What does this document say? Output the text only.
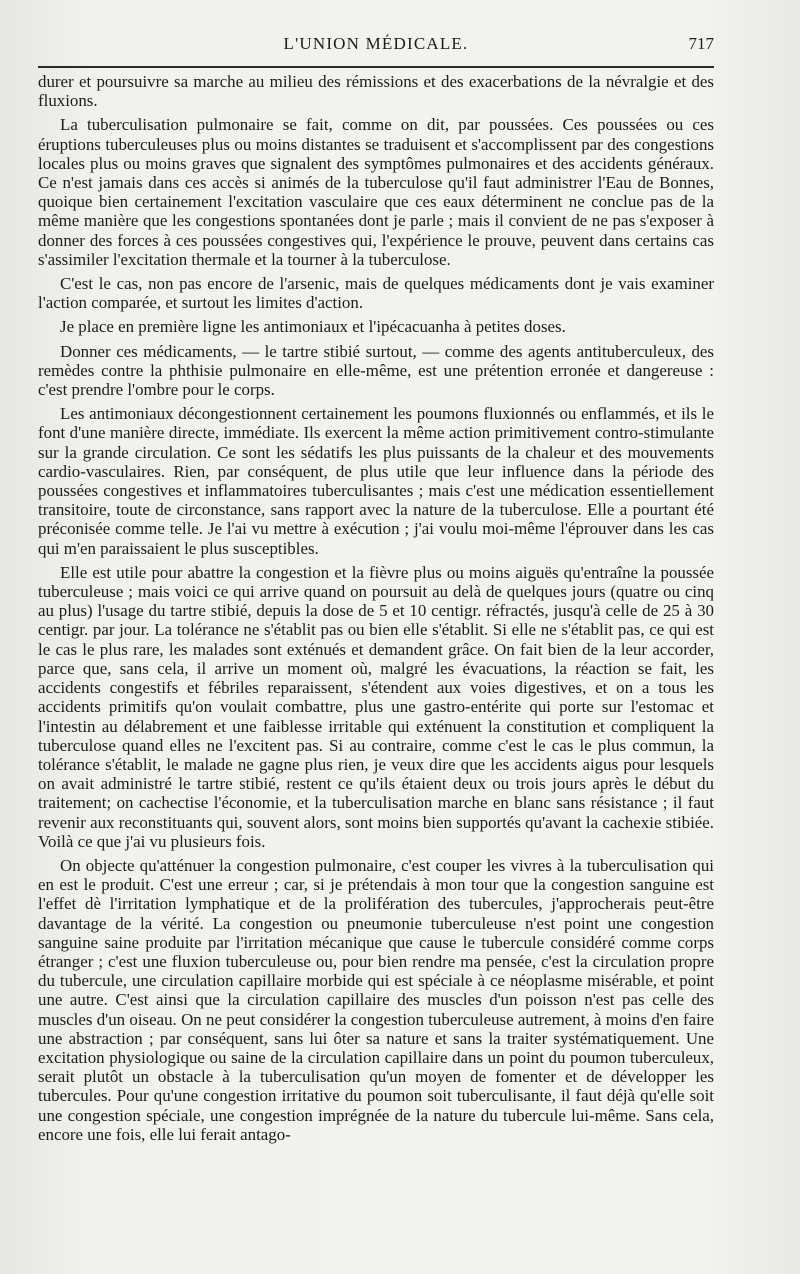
L'UNION MÉDICALE.	717

durer et poursuivre sa marche au milieu des rémissions et des exacerbations de la névralgie et des fluxions.

La tuberculisation pulmonaire se fait, comme on dit, par poussées. Ces poussées ou ces éruptions tuberculeuses plus ou moins distantes se traduisent et s'accomplissent par des congestions locales plus ou moins graves que signalent des symptômes pulmonaires et des accidents généraux. Ce n'est jamais dans ces accès si animés de la tuberculose qu'il faut administrer l'Eau de Bonnes, quoique bien certainement l'excitation vasculaire que ces eaux déterminent ne conclue pas de la même manière que les congestions spontanées dont je parle ; mais il convient de ne pas s'exposer à donner des forces à ces poussées congestives qui, l'expérience le prouve, peuvent dans certains cas s'assimiler l'excitation thermale et la tourner à la tuberculose.

C'est le cas, non pas encore de l'arsenic, mais de quelques médicaments dont je vais examiner l'action comparée, et surtout les limites d'action.

Je place en première ligne les antimoniaux et l'ipécacuanha à petites doses.

Donner ces médicaments, — le tartre stibié surtout, — comme des agents antituberculeux, des remèdes contre la phthisie pulmonaire en elle-même, est une prétention erronée et dangereuse : c'est prendre l'ombre pour le corps.

Les antimoniaux décongestionnent certainement les poumons fluxionnés ou enflammés, et ils le font d'une manière directe, immédiate. Ils exercent la même action primitivement contro-stimulante sur la grande circulation. Ce sont les sédatifs les plus puissants de la chaleur et des mouvements cardio-vasculaires. Rien, par conséquent, de plus utile que leur influence dans la période des poussées congestives et inflammatoires tuberculisantes ; mais c'est une médication essentiellement transitoire, toute de circonstance, sans rapport avec la nature de la tuberculose. Elle a pourtant été préconisée comme telle. Je l'ai vu mettre à exécution ; j'ai voulu moi-même l'éprouver dans les cas qui m'en paraissaient le plus susceptibles.

Elle est utile pour abattre la congestion et la fièvre plus ou moins aiguës qu'entraîne la poussée tuberculeuse ; mais voici ce qui arrive quand on poursuit au delà de quelques jours (quatre ou cinq au plus) l'usage du tartre stibié, depuis la dose de 5 et 10 centigr. réfractés, jusqu'à celle de 25 à 30 centigr. par jour. La tolérance ne s'établit pas ou bien elle s'établit. Si elle ne s'établit pas, ce qui est le cas le plus rare, les malades sont exténués et demandent grâce. On fait bien de la leur accorder, parce que, sans cela, il arrive un moment où, malgré les évacuations, la réaction se fait, les accidents congestifs et fébriles reparaissent, s'étendent aux voies digestives, et on a tous les accidents primitifs qu'on voulait combattre, plus une gastro-entérite qui porte sur l'estomac et l'intestin au délabrement et une faiblesse irritable qui exténuent la constitution et compliquent la tuberculose quand elles ne l'excitent pas. Si au contraire, comme c'est le cas le plus commun, la tolérance s'établit, le malade ne gagne plus rien, je veux dire que les accidents aigus pour lesquels on avait administré le tartre stibié, restent ce qu'ils étaient deux ou trois jours après le début du traitement; on cachectise l'économie, et la tuberculisation marche en blanc sans résistance ; il faut revenir aux reconstituants qui, souvent alors, sont moins bien supportés qu'avant la cachexie stibiée. Voilà ce que j'ai vu plusieurs fois.

On objecte qu'atténuer la congestion pulmonaire, c'est couper les vivres à la tuberculisation qui en est le produit. C'est une erreur ; car, si je prétendais à mon tour que la congestion sanguine est l'effet dè l'irritation lymphatique et de la prolifération des tubercules, j'approcherais peut-être davantage de la vérité. La congestion ou pneumonie tuberculeuse n'est point une congestion sanguine saine produite par l'irritation mécanique que cause le tubercule considéré comme corps étranger ; c'est une fluxion tuberculeuse ou, pour bien rendre ma pensée, c'est la circulation propre du tubercule, une circulation capillaire morbide qui est spéciale à ce néoplasme misérable, et point une autre. C'est ainsi que la circulation capillaire des muscles d'un poisson n'est pas celle des muscles d'un oiseau. On ne peut considérer la congestion tuberculeuse autrement, à moins d'en faire une abstraction ; par conséquent, sans lui ôter sa nature et sans la traiter systématiquement. Une excitation physiologique ou saine de la circulation capillaire dans un point du poumon tuberculeux, serait plutôt un obstacle à la tuberculisation qu'un moyen de fomenter et de développer les tubercules. Pour qu'une congestion irritative du poumon soit tuberculisante, il faut déjà qu'elle soit une congestion spéciale, une congestion imprégnée de la nature du tubercule lui-même. Sans cela, encore une fois, elle lui ferait antago-
